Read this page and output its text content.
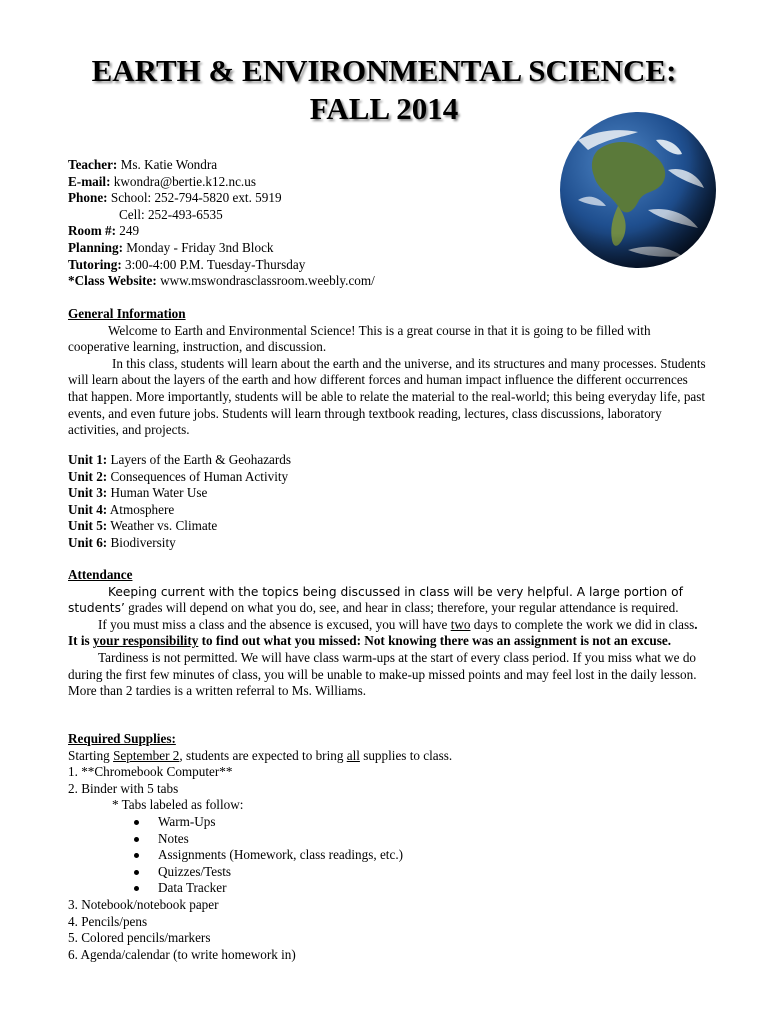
EARTH & ENVIRONMENTAL SCIENCE:
FALL 2014
Teacher: Ms. Katie Wondra
E-mail: kwondra@bertie.k12.nc.us
Phone: School: 252-794-5820 ext. 5919
Cell: 252-493-6535
Room #: 249
Planning: Monday - Friday 3nd Block
Tutoring: 3:00-4:00 P.M. Tuesday-Thursday
*Class Website: www.mswondrasclassroom.weebly.com/
General Information

Welcome to Earth and Environmental Science! This is a great course in that it is going to be filled with cooperative learning, instruction, and discussion.

In this class, students will learn about the earth and the universe, and its structures and many processes. Students will learn about the layers of the earth and how different forces and human impact influence the different occurrences that happen. More importantly, students will be able to relate the material to the real-world; this being everyday life, past events, and even future jobs. Students will learn through textbook reading, lectures, class discussions, laboratory activities, and projects.

Unit 1: Layers of the Earth & Geohazards
Unit 2: Consequences of Human Activity
Unit 3: Human Water Use
Unit 4: Atmosphere
Unit 5: Weather vs. Climate
Unit 6: Biodiversity
Attendance

Keeping current with the topics being discussed in class will be very helpful. A large portion of students’ grades will depend on what you do, see, and hear in class; therefore, your regular attendance is required.

If you must miss a class and the absence is excused, you will have two days to complete the work we did in class. It is your responsibility to find out what you missed: Not knowing there was an assignment is not an excuse.

Tardiness is not permitted. We will have class warm-ups at the start of every class period. If you miss what we do during the first few minutes of class, you will be unable to make-up missed points and may feel lost in the daily lesson. More than 2 tardies is a written referral to Ms. Williams.

Required Supplies:
Starting September 2, students are expected to bring all supplies to class.
1. **Chromebook Computer**
2. Binder with 5 tabs
* Tabs labeled as follow:
Warm-Ups
Notes
Assignments (Homework, class readings, etc.)
Quizzes/Tests
Data Tracker
3. Notebook/notebook paper
4. Pencils/pens
5. Colored pencils/markers
6. Agenda/calendar (to write homework in)
